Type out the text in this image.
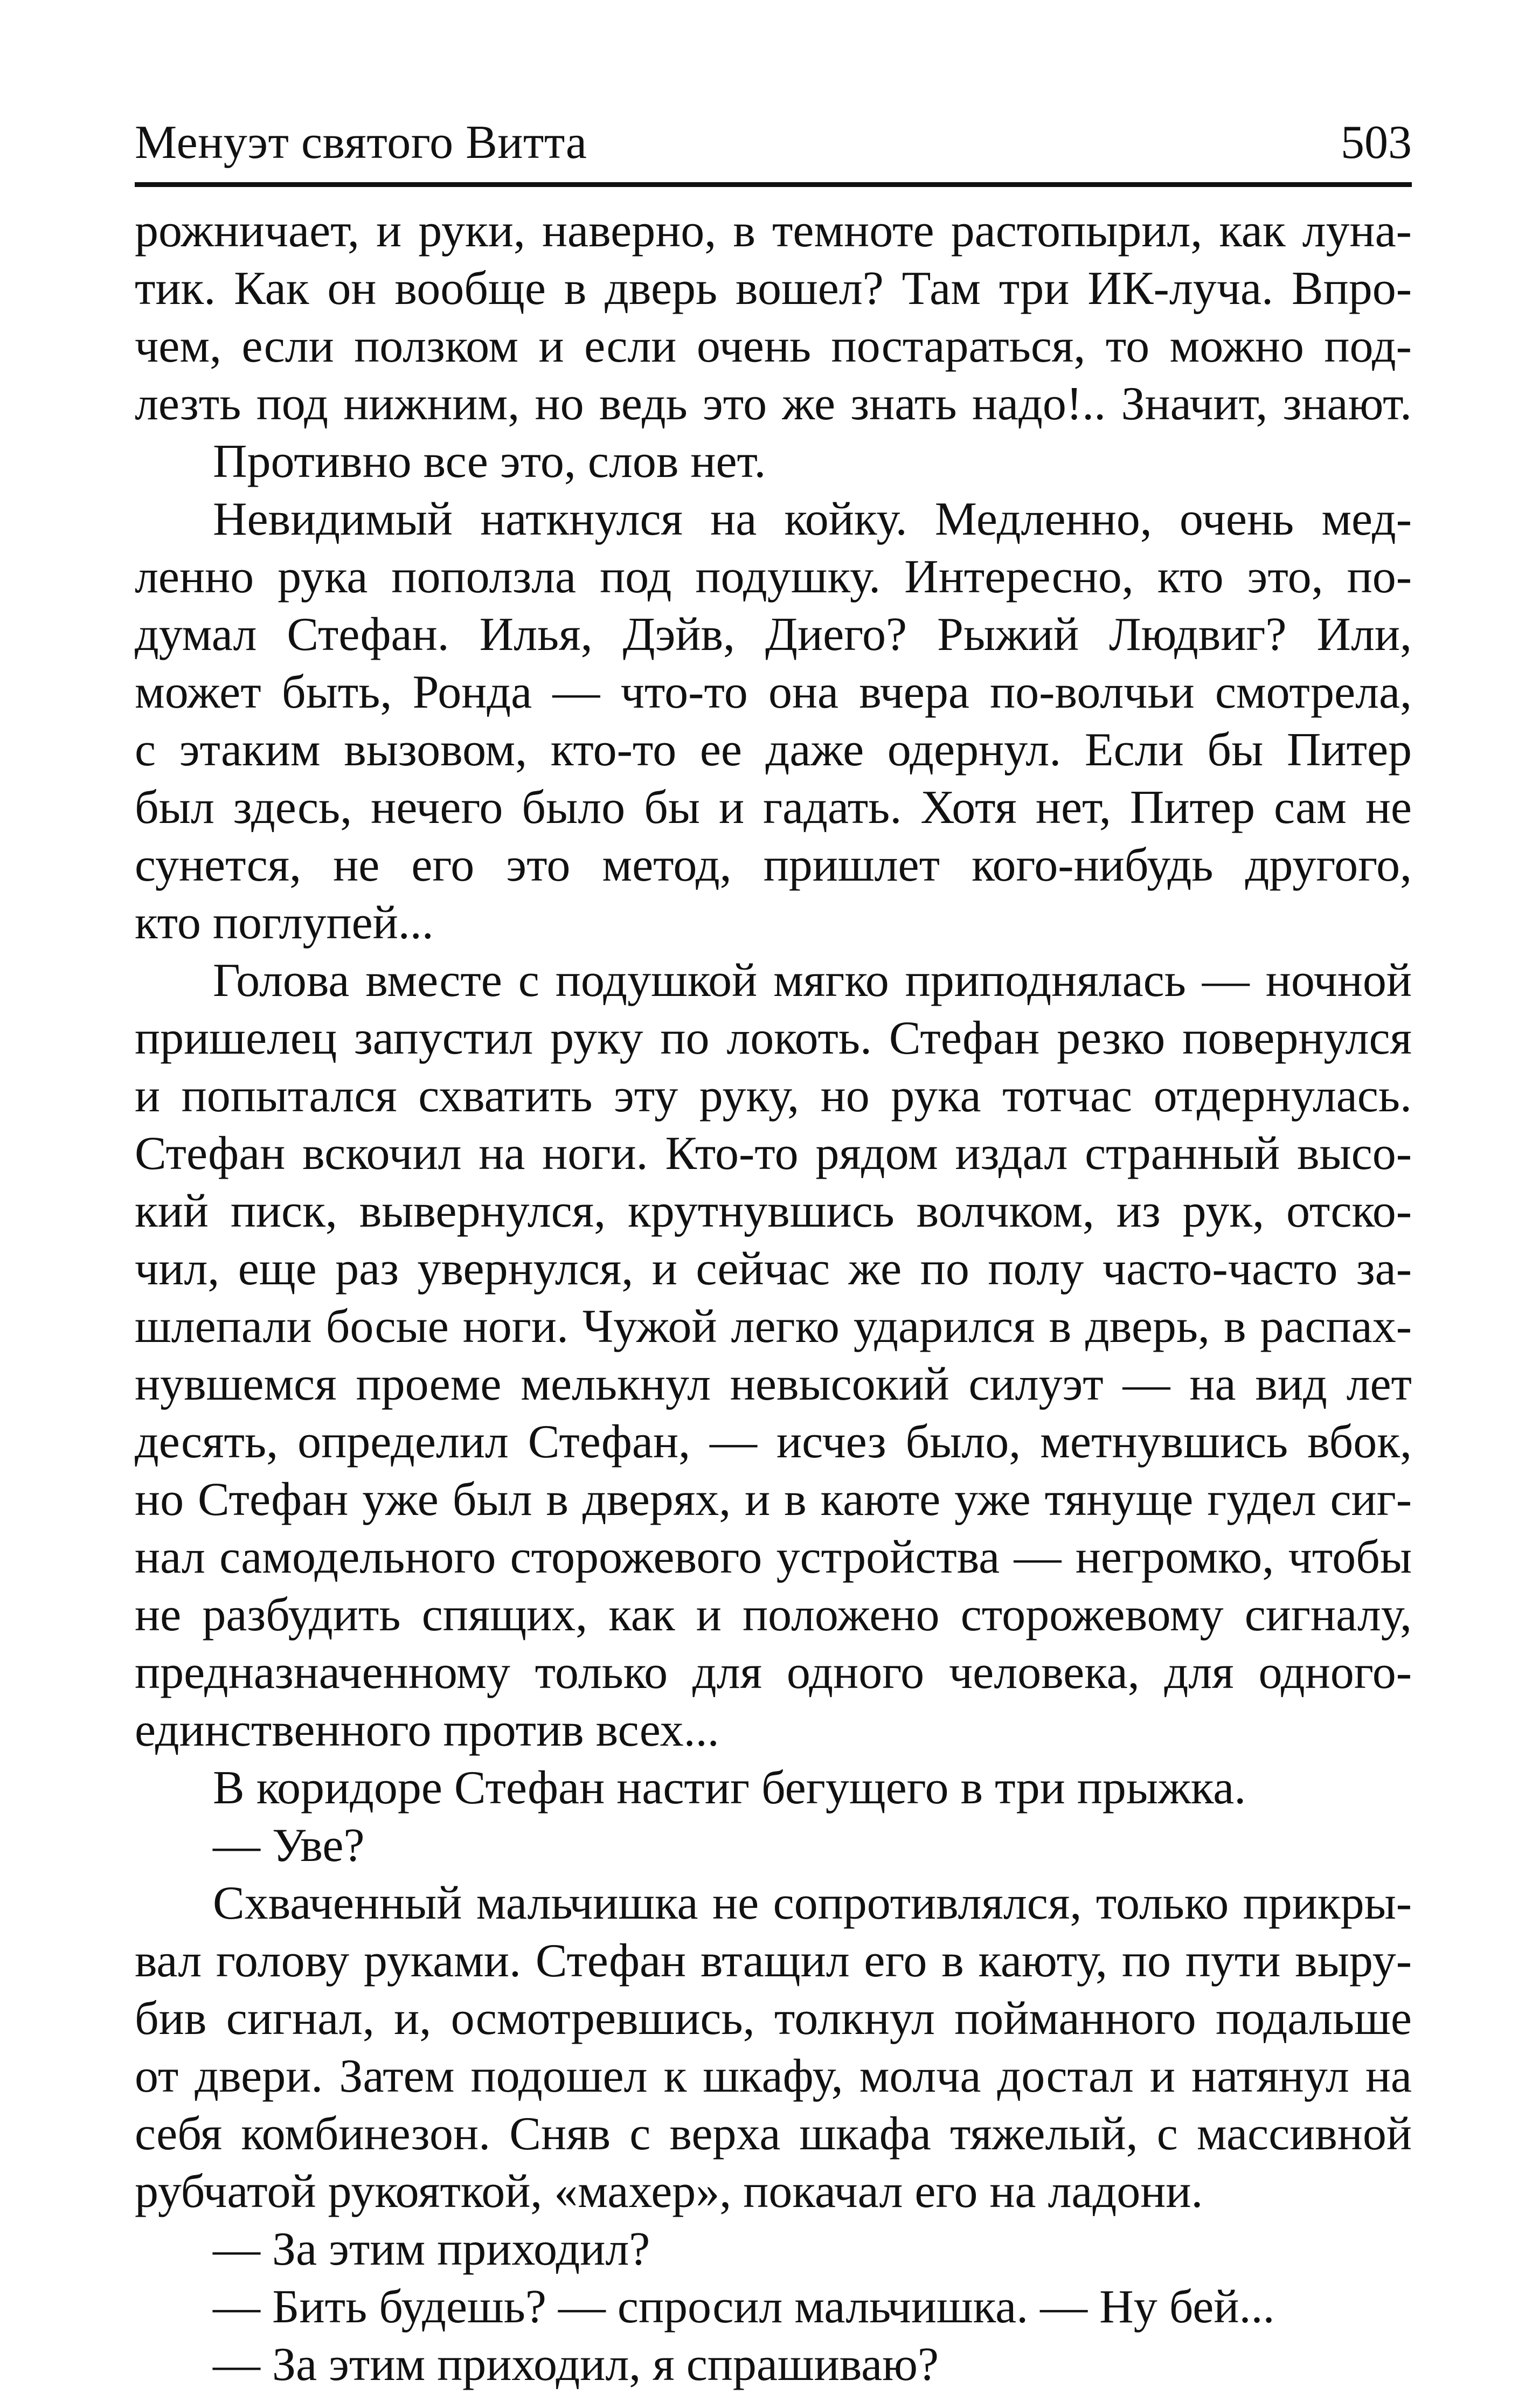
Менуэт святого Витта	503
рожничает, и руки, наверно, в темноте растопырил, как луна-
тик. Как он вообще в дверь вошел? Там три ИК-луча. Впро-
чем, если ползком и если очень постараться, то можно под-
лезть под нижним, но ведь это же знать надо!.. Значит, знают.
Противно все это, слов нет.
Невидимый наткнулся на койку. Медленно, очень мед-
ленно рука поползла под подушку. Интересно, кто это, по-
думал Стефан. Илья, Дэйв, Диего? Рыжий Людвиг? Или,
может быть, Ронда — что-то она вчера по-волчьи смотрела,
с этаким вызовом, кто-то ее даже одернул. Если бы Питер
был здесь, нечего было бы и гадать. Хотя нет, Питер сам не
сунется, не его это метод, пришлет кого-нибудь другого,
кто поглупей...
Голова вместе с подушкой мягко приподнялась — ночной
пришелец запустил руку по локоть. Стефан резко повернулся
и попытался схватить эту руку, но рука тотчас отдернулась.
Стефан вскочил на ноги. Кто-то рядом издал странный высо-
кий писк, вывернулся, крутнувшись волчком, из рук, отско-
чил, еще раз увернулся, и сейчас же по полу часто-часто за-
шлепали босые ноги. Чужой легко ударился в дверь, в распах-
нувшемся проеме мелькнул невысокий силуэт — на вид лет
десять, определил Стефан, — исчез было, метнувшись вбок,
но Стефан уже был в дверях, и в каюте уже тянуще гудел сиг-
нал самодельного сторожевого устройства — негромко, чтобы
не разбудить спящих, как и положено сторожевому сигналу,
предназначенному только для одного человека, для одного-
единственного против всех...
В коридоре Стефан настиг бегущего в три прыжка.
— Уве?
Схваченный мальчишка не сопротивлялся, только прикры-
вал голову руками. Стефан втащил его в каюту, по пути выру-
бив сигнал, и, осмотревшись, толкнул пойманного подальше
от двери. Затем подошел к шкафу, молча достал и натянул на
себя комбинезон. Сняв с верха шкафа тяжелый, с массивной
рубчатой рукояткой, «махер», покачал его на ладони.
— За этим приходил?
— Бить будешь? — спросил мальчишка. — Ну бей...
— За этим приходил, я спрашиваю?
